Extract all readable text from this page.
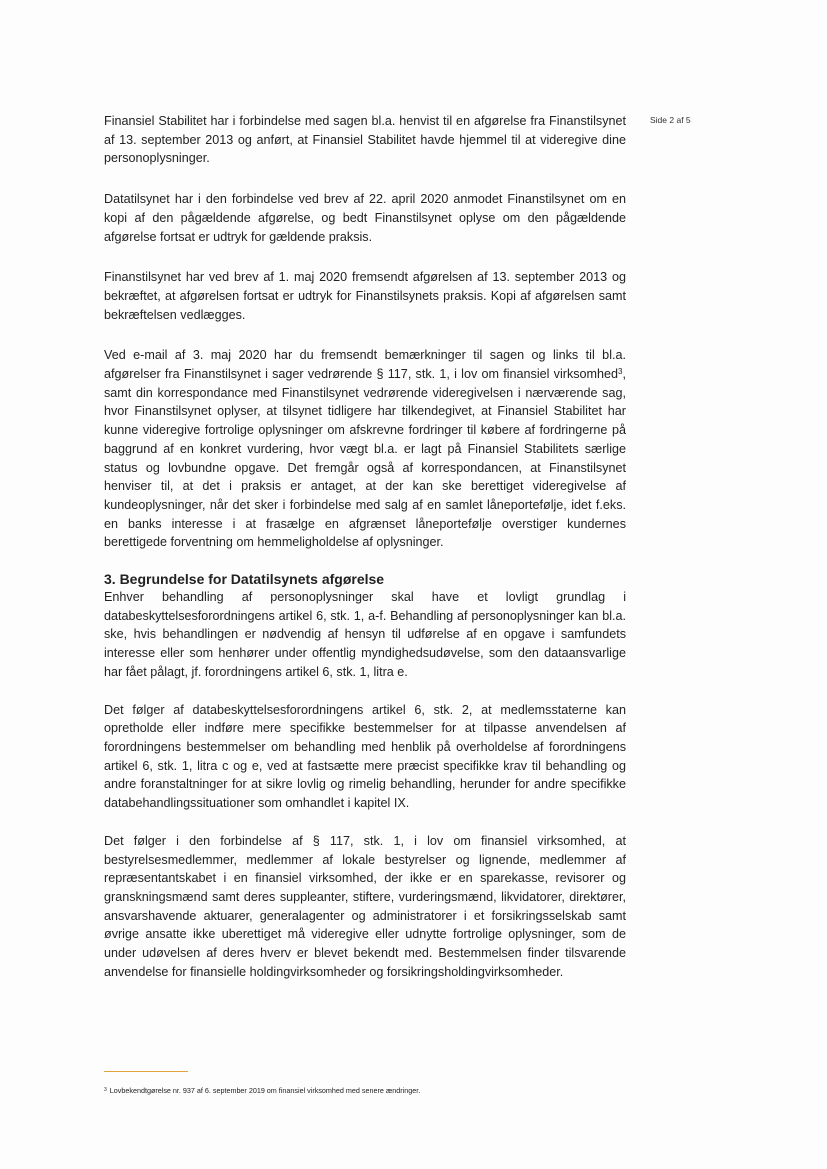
Side 2 af 5

Finansiel Stabilitet har i forbindelse med sagen bl.a. henvist til en afgørelse fra Finanstilsynet af 13. september 2013 og anført, at Finansiel Stabilitet havde hjemmel til at videregive dine personoplysninger.

Datatilsynet har i den forbindelse ved brev af 22. april 2020 anmodet Finanstilsynet om en kopi af den pågældende afgørelse, og bedt Finanstilsynet oplyse om den pågældende afgørelse fortsat er udtryk for gældende praksis.

Finanstilsynet har ved brev af 1. maj 2020 fremsendt afgørelsen af 13. september 2013 og bekræftet, at afgørelsen fortsat er udtryk for Finanstilsynets praksis. Kopi af afgørelsen samt bekræftelsen vedlægges.

Ved e-mail af 3. maj 2020 har du fremsendt bemærkninger til sagen og links til bl.a. afgørelser fra Finanstilsynet i sager vedrørende § 117, stk. 1, i lov om finansiel virksomhed$^3$, samt din korrespondance med Finanstilsynet vedrørende videregivelsen i nærværende sag, hvor Finanstilsynet oplyser, at tilsynet tidligere har tilkendegivet, at Finansiel Stabilitet har kunne videregive fortrolige oplysninger om afskrevne fordringer til købere af fordringerne på baggrund af en konkret vurdering, hvor vægt bl.a. er lagt på Finansiel Stabilitets særlige status og lovbundne opgave. Det fremgår også af korrespondancen, at Finanstilsynet henviser til, at det i praksis er antaget, at der kan ske berettiget videregivelse af kundeoplysninger, når det sker i forbindelse med salg af en samlet låneportefølje, idet f.eks. en banks interesse i at frasælge en afgrænset låneportefølje overstiger kundernes berettigede forventning om hemmeligholdelse af oplysninger.

3. Begrundelse for Datatilsynets afgørelse

Enhver behandling af personoplysninger skal have et lovligt grundlag i databeskyttelsesforordningens artikel 6, stk. 1, a-f. Behandling af personoplysninger kan bl.a. ske, hvis behandlingen er nødvendig af hensyn til udførelse af en opgave i samfundets interesse eller som henhører under offentlig myndighedsudøvelse, som den dataansvarlige har fået pålagt, jf. forordningens artikel 6, stk. 1, litra e.

Det følger af databeskyttelsesforordningens artikel 6, stk. 2, at medlemsstaterne kan opretholde eller indføre mere specifikke bestemmelser for at tilpasse anvendelsen af forordningens bestemmelser om behandling med henblik på overholdelse af forordningens artikel 6, stk. 1, litra c og e, ved at fastsætte mere præcist specifikke krav til behandling og andre foranstaltninger for at sikre lovlig og rimelig behandling, herunder for andre specifikke databehandlingssituationer som omhandlet i kapitel IX.

Det følger i den forbindelse af § 117, stk. 1, i lov om finansiel virksomhed, at bestyrelsesmedlemmer, medlemmer af lokale bestyrelser og lignende, medlemmer af repræsentantskabet i en finansiel virksomhed, der ikke er en sparekasse, revisorer og granskningsmænd samt deres suppleanter, stiftere, vurderingsmænd, likvidatorer, direktører, ansvarshavende aktuarer, generalagenter og administratorer i et forsikringsselskab samt øvrige ansatte ikke uberettiget må videregive eller udnytte fortrolige oplysninger, som de under udøvelsen af deres hverv er blevet bekendt med. Bestemmelsen finder tilsvarende anvendelse for finansielle holdingvirksomheder og forsikringsholdingvirksomheder.

$^3$ Lovbekendtgørelse nr. 937 af 6. september 2019 om finansiel virksomhed med senere ændringer.
